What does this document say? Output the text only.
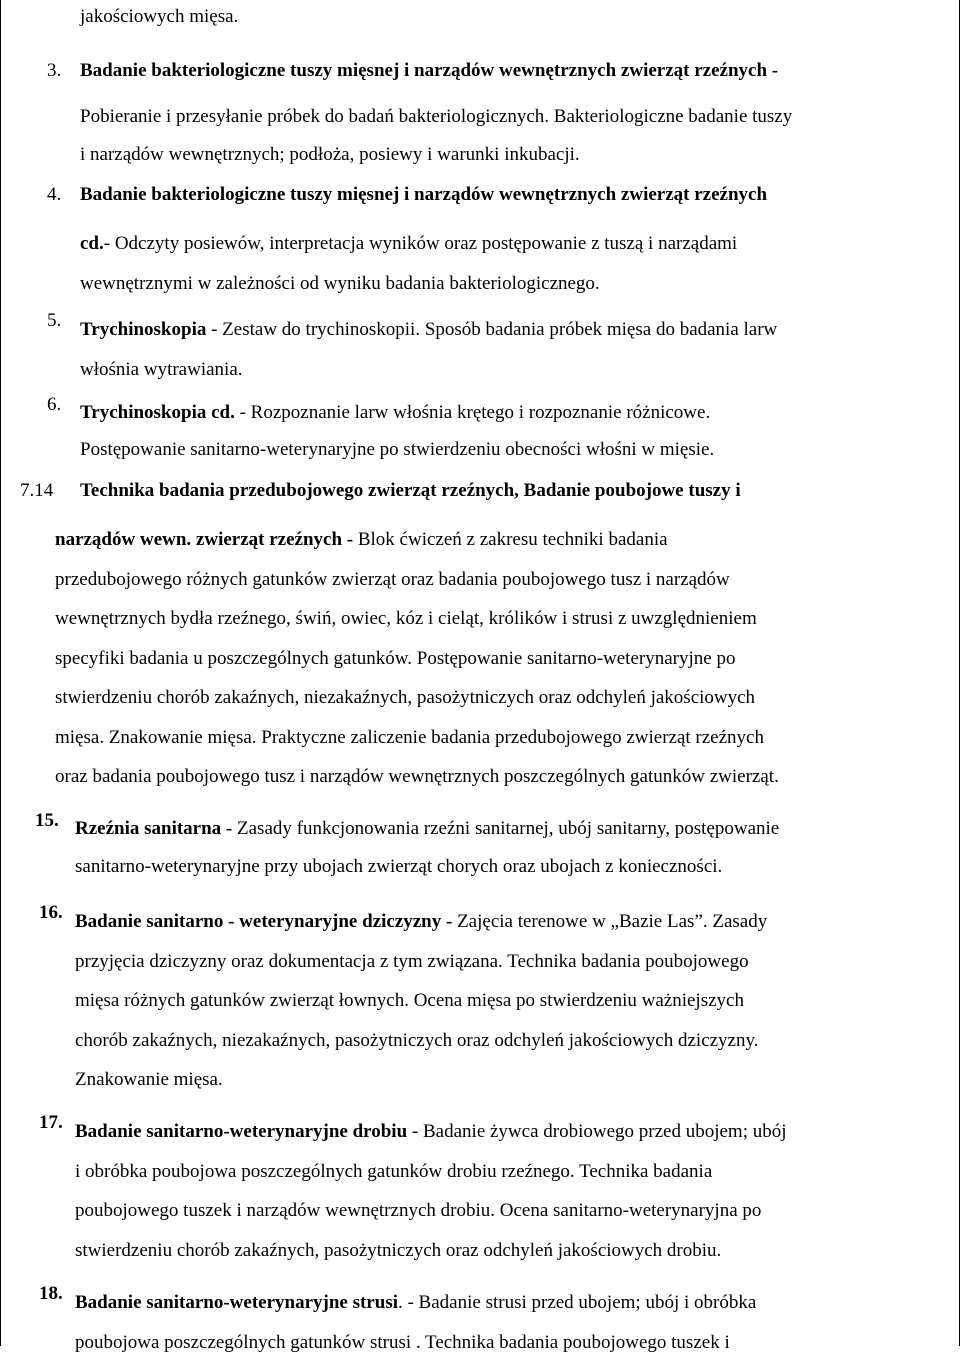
jakościowych mięsa.
3. Badanie bakteriologiczne tuszy mięsnej i narządów wewnętrznych zwierząt rzeźnych -
Pobieranie i przesyłanie próbek do badań bakteriologicznych. Bakteriologiczne badanie tuszy
i narządów wewnętrznych; podłoża, posiewy i warunki inkubacji.
4. Badanie bakteriologiczne tuszy mięsnej i narządów wewnętrznych zwierząt rzeźnych
cd.- Odczyty posiewów, interpretacja wyników oraz postępowanie z tuszą i narządami
wewnętrznymi w zależności od wyniku badania bakteriologicznego.
5. Trychinoskopia - Zestaw do trychinoskopii. Sposób badania próbek mięsa do badania larw
włośnia wytrawiania.
6. Trychinoskopia cd. - Rozpoznanie larw włośnia krętego i rozpoznanie różnicowe.
Postępowanie sanitarno-weterynaryjne po stwierdzeniu obecności włośni w mięsie.
7.14 Technika badania przedubojowego zwierząt rzeźnych, Badanie poubojowe tuszy i
narządów wewn. zwierząt rzeźnych - Blok ćwiczeń z zakresu techniki badania
przedubojowego różnych gatunków zwierząt oraz badania poubojowego tusz i narządów
wewnętrznych bydła rzeźnego, świń, owiec, kóz i cieląt, królików i strusi z uwzględnieniem
specyfiki badania u poszczególnych gatunków. Postępowanie sanitarno-weterynaryjne po
stwierdzeniu chorób zakaźnych, niezakaźnych, pasożytniczych oraz odchyleń jakościowych
mięsa. Znakowanie mięsa. Praktyczne zaliczenie badania przedubojowego zwierząt rzeźnych
oraz badania poubojowego tusz i narządów wewnętrznych poszczególnych gatunków zwierząt.
15. Rzeźnia sanitarna - Zasady funkcjonowania rzeźni sanitarnej, ubój sanitarny, postępowanie
sanitarno-weterynaryjne przy ubojach zwierząt chorych oraz ubojach z konieczności.
16. Badanie sanitarno - weterynaryjne dziczyzny - Zajęcia terenowe w „Bazie Las”. Zasady
przyjęcia dziczyzny oraz dokumentacja z tym związana. Technika badania poubojowego
mięsa różnych gatunków zwierząt łownych. Ocena mięsa po stwierdzeniu ważniejszych
chorób zakaźnych, niezakaźnych, pasożytniczych oraz odchyleń jakościowych dziczyzny.
Znakowanie mięsa.
17. Badanie sanitarno-weterynaryjne drobiu - Badanie żywca drobiowego przed ubojem; ubój
i obróbka poubojowa poszczególnych gatunków drobiu rzeźnego. Technika badania
poubojowego tuszek i narządów wewnętrznych drobiu. Ocena sanitarno-weterynaryjna po
stwierdzeniu chorób zakaźnych, pasożytniczych oraz odchyleń jakościowych drobiu.
18. Badanie sanitarno-weterynaryjne strusi. - Badanie strusi przed ubojem; ubój i obróbka
poubojowa poszczególnych gatunków strusi . Technika badania poubojowego tuszek i
